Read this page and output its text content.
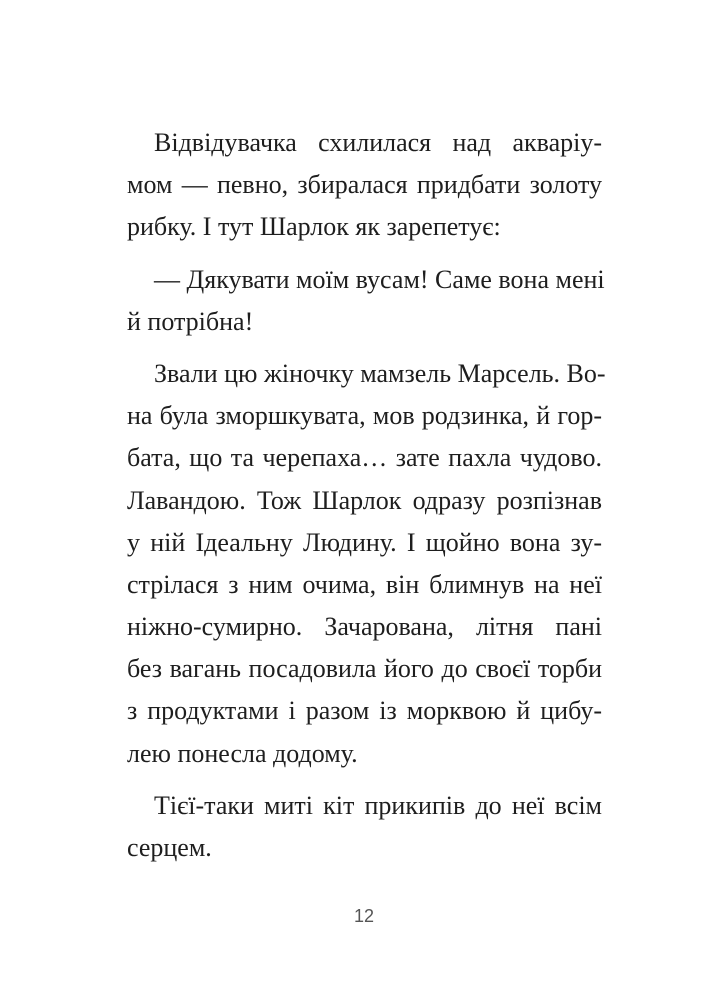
Відвідувачка схилилася над акваріу-
мом — певно, збиралася придбати золоту
рибку. І тут Шарлок як зарепетує:
— Дякувати моїм вусам! Саме вона мені
й потрібна!
Звали цю жіночку мамзель Марсель. Во-
на була зморшкувата, мов родзинка, й гор-
бата, що та черепаха… зате пахла чудово.
Лавандою. Тож Шарлок одразу розпізнав
у ній Ідеальну Людину. І щойно вона зу-
стрілася з ним очима, він блимнув на неї
ніжно-сумирно. Зачарована, літня пані
без вагань посадовила його до своєї торби
з продуктами і разом із морквою й цибу-
лею понесла додому.
Тієї-таки миті кіт прикипів до неї всім
серцем.
12
